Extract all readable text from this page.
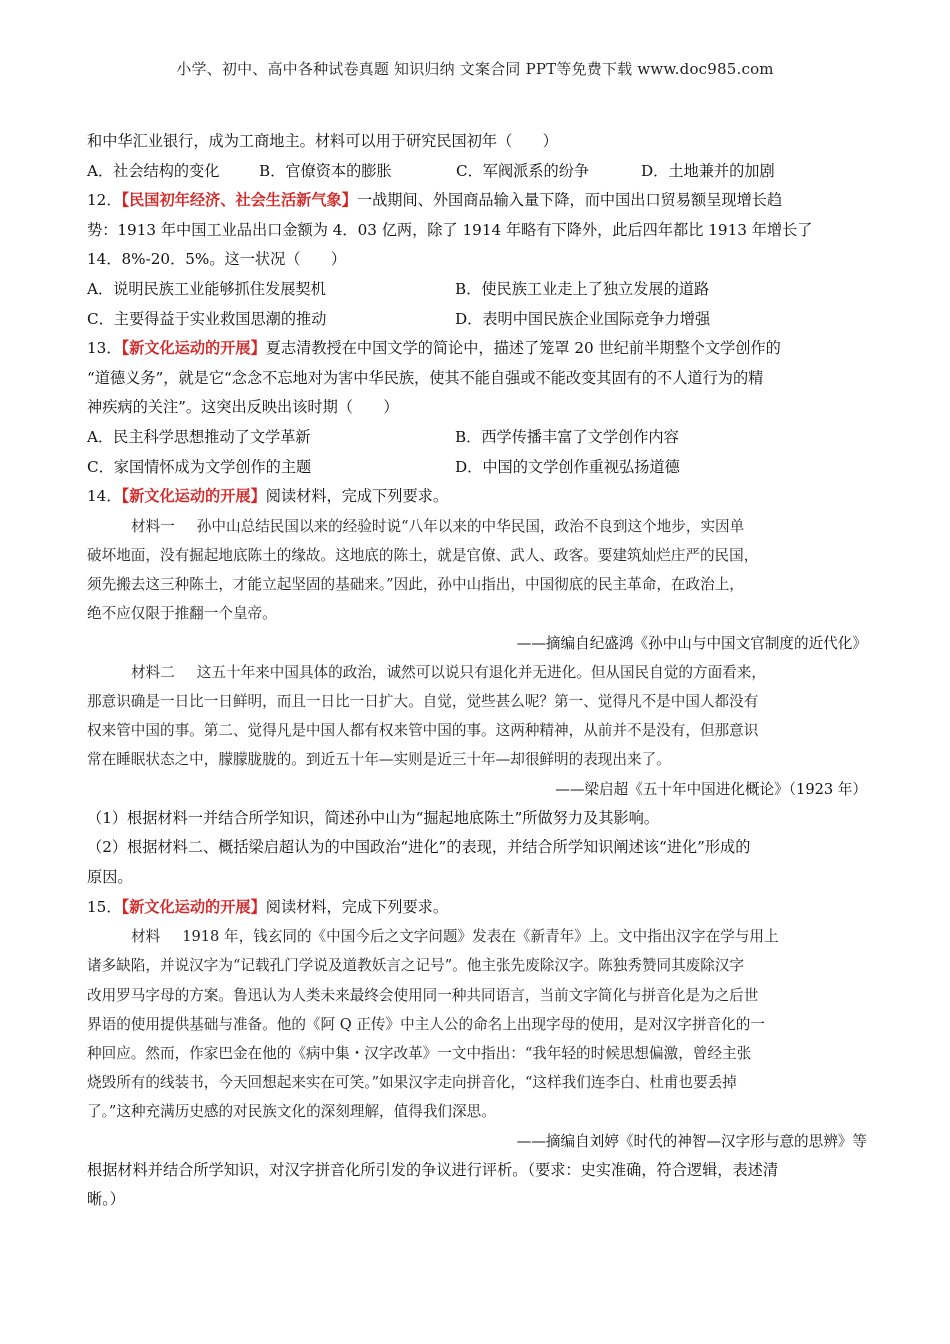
小学、初中、高中各种试卷真题 知识归纳 文案合同 PPT等免费下载 www.doc985.com
和中华汇业银行，成为工商地主。材料可以用于研究民国初年（　　）
A．社会结构的变化	B．官僚资本的膨胀	C．军阀派系的纷争	D．土地兼并的加剧
12．【民国初年经济、社会生活新气象】一战期间、外国商品输入量下降，而中国出口贸易额呈现增长趋
势：1913 年中国工业品出口金额为 4．03 亿两，除了 1914 年略有下降外，此后四年都比 1913 年增长了
14．8%-20．5%。这一状况（　　）
A．说明民族工业能够抓住发展契机	B．使民族工业走上了独立发展的道路
C．主要得益于实业救国思潮的推动	D．表明中国民族企业国际竞争力增强
13．【新文化运动的开展】夏志清教授在中国文学的简论中，描述了笼罩 20 世纪前半期整个文学创作的
“道德义务”，就是它“念念不忘地对为害中华民族，使其不能自强或不能改变其固有的不人道行为的精
神疾病的关注”。这突出反映出该时期（　　）
A．民主科学思想推动了文学革新	B．西学传播丰富了文学创作内容
C．家国情怀成为文学创作的主题	D．中国的文学创作重视弘扬道德
14．【新文化运动的开展】阅读材料，完成下列要求。
材料一 孙中山总结民国以来的经验时说“八年以来的中华民国，政治不良到这个地步，实因单
破坏地面，没有掘起地底陈土的缘故。这地底的陈土，就是官僚、武人、政客。要建筑灿烂庄严的民国，
须先搬去这三种陈土，才能立起坚固的基础来。”因此，孙中山指出，中国彻底的民主革命，在政治上，
绝不应仅限于推翻一个皇帝。
——摘编自纪盛鸿《孙中山与中国文官制度的近代化》
材料二 这五十年来中国具体的政治，诚然可以说只有退化并无进化。但从国民自觉的方面看来，
那意识确是一日比一日鲜明，而且一日比一日扩大。自觉，觉些甚么呢？第一、觉得凡不是中国人都没有
权来管中国的事。第二、觉得凡是中国人都有权来管中国的事。这两种精神，从前并不是没有，但那意识
常在睡眠状态之中，朦朦胧胧的。到近五十年—实则是近三十年—却很鲜明的表现出来了。
——梁启超《五十年中国进化概论》（1923 年）
（1）根据材料一并结合所学知识，简述孙中山为“掘起地底陈土”所做努力及其影响。
（2）根据材料二、概括梁启超认为的中国政治“进化”的表现，并结合所学知识阐述该“进化”形成的
原因。
15．【新文化运动的开展】阅读材料，完成下列要求。
材料 1918 年，钱玄同的《中国今后之文字问题》发表在《新青年》上。文中指出汉字在学与用上
诸多缺陷，并说汉字为“记载孔门学说及道教妖言之记号”。他主张先废除汉字。陈独秀赞同其废除汉字
改用罗马字母的方案。鲁迅认为人类未来最终会使用同一种共同语言，当前文字简化与拼音化是为之后世
界语的使用提供基础与准备。他的《阿 Q 正传》中主人公的命名上出现字母的使用，是对汉字拼音化的一
种回应。然而，作家巴金在他的《病中集・汉字改革》一文中指出：“我年轻的时候思想偏激，曾经主张
烧毁所有的线装书，今天回想起来实在可笑。”如果汉字走向拼音化，“这样我们连李白、杜甫也要丢掉
了。”这种充满历史感的对民族文化的深刻理解，值得我们深思。
——摘编自刘婷《时代的神智—汉字形与意的思辨》等
根据材料并结合所学知识，对汉字拼音化所引发的争议进行评析。（要求：史实准确，符合逻辑，表述清
晰。）
